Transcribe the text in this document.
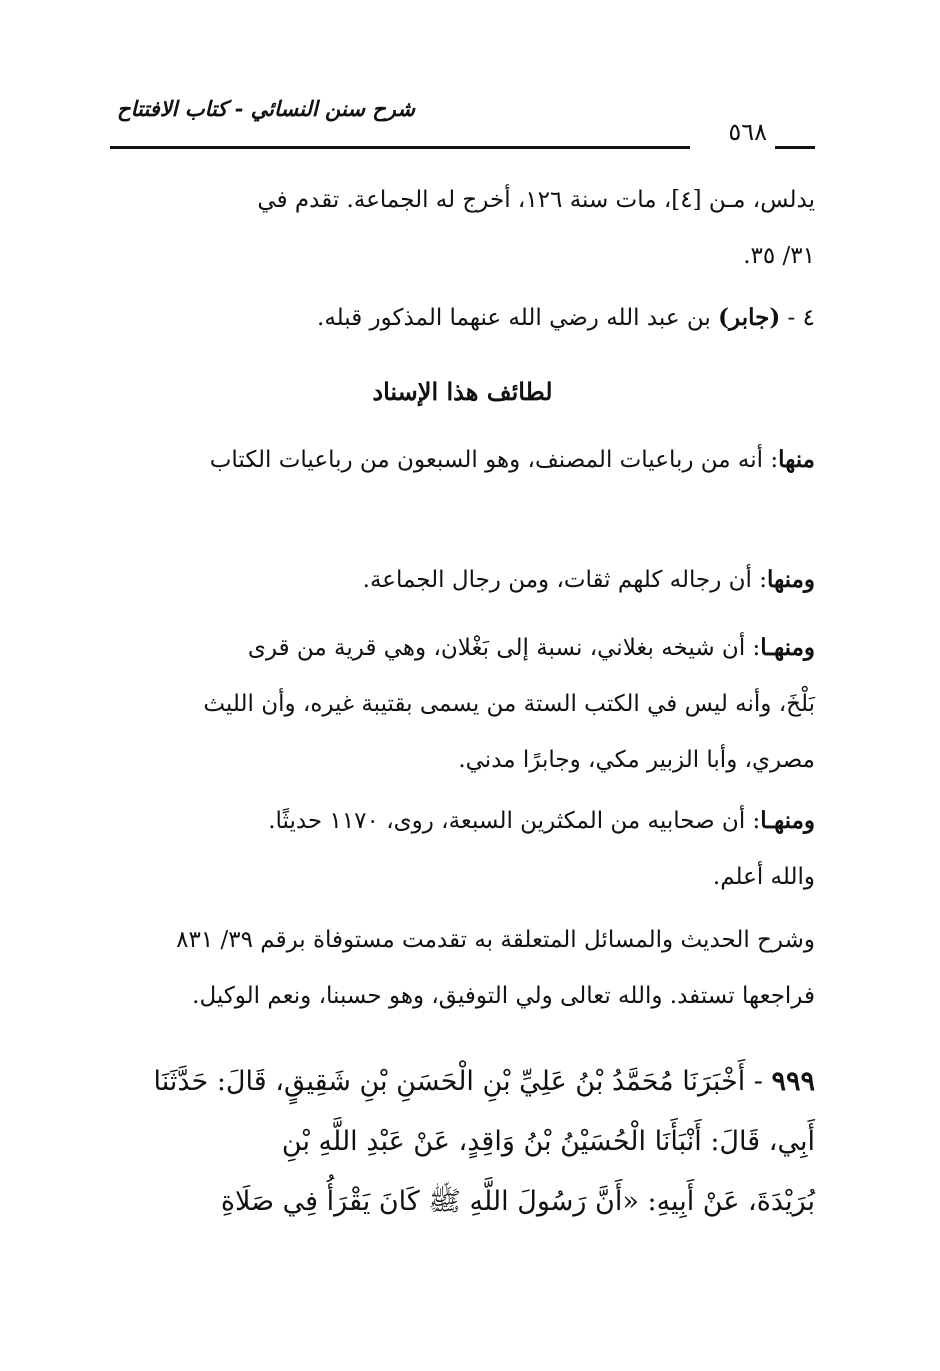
شرح سنن النسائي - كتاب الافتتاح
٥٦٨

يدلس، مـن [٤]، مات سنة ١٢٦، أخرج له الجماعة. تقدم في

٣١/ ٣٥.

٤ - (جابر) بن عبد الله رضي الله عنهما المذكور قبله.

لطائف هذا الإسناد

منها: أنه من رباعيات المصنف، وهو السبعون من رباعيات الكتاب

ومنها: أن رجاله كلهم ثقات، ومن رجال الجماعة.

ومنهـا: أن شيخه بغلاني، نسبة إلى بَغْلان، وهي قرية من قرى

بَلْخَ، وأنه ليس في الكتب الستة من يسمى بقتيبة غيره، وأن الليث

مصري، وأبا الزبير مكي، وجابرًا مدني.

ومنهـا: أن صحابيه من المكثرين السبعة، روى، ١١٧٠ حديثًا.

والله أعلم.

وشرح الحديث والمسائل المتعلقة به تقدمت مستوفاة برقم ٣٩/ ٨٣١

فراجعها تستفد. والله تعالى ولي التوفيق، وهو حسبنا، ونعم الوكيل.

٩٩٩ - أَخْبَرَنَا مُحَمَّدُ بْنُ عَلِيِّ بْنِ الْحَسَنِ بْنِ شَقِيقٍ، قَالَ: حَدَّثَنَا

أَبِي، قَالَ: أَنْبَأَنَا الْحُسَيْنُ بْنُ وَاقِدٍ، عَنْ عَبْدِ اللَّهِ بْنِ

بُرَيْدَةَ، عَنْ أَبِيهِ: «أَنَّ رَسُولَ اللَّهِ ﷺ كَانَ يَقْرَأُ فِي صَلَاةِ
